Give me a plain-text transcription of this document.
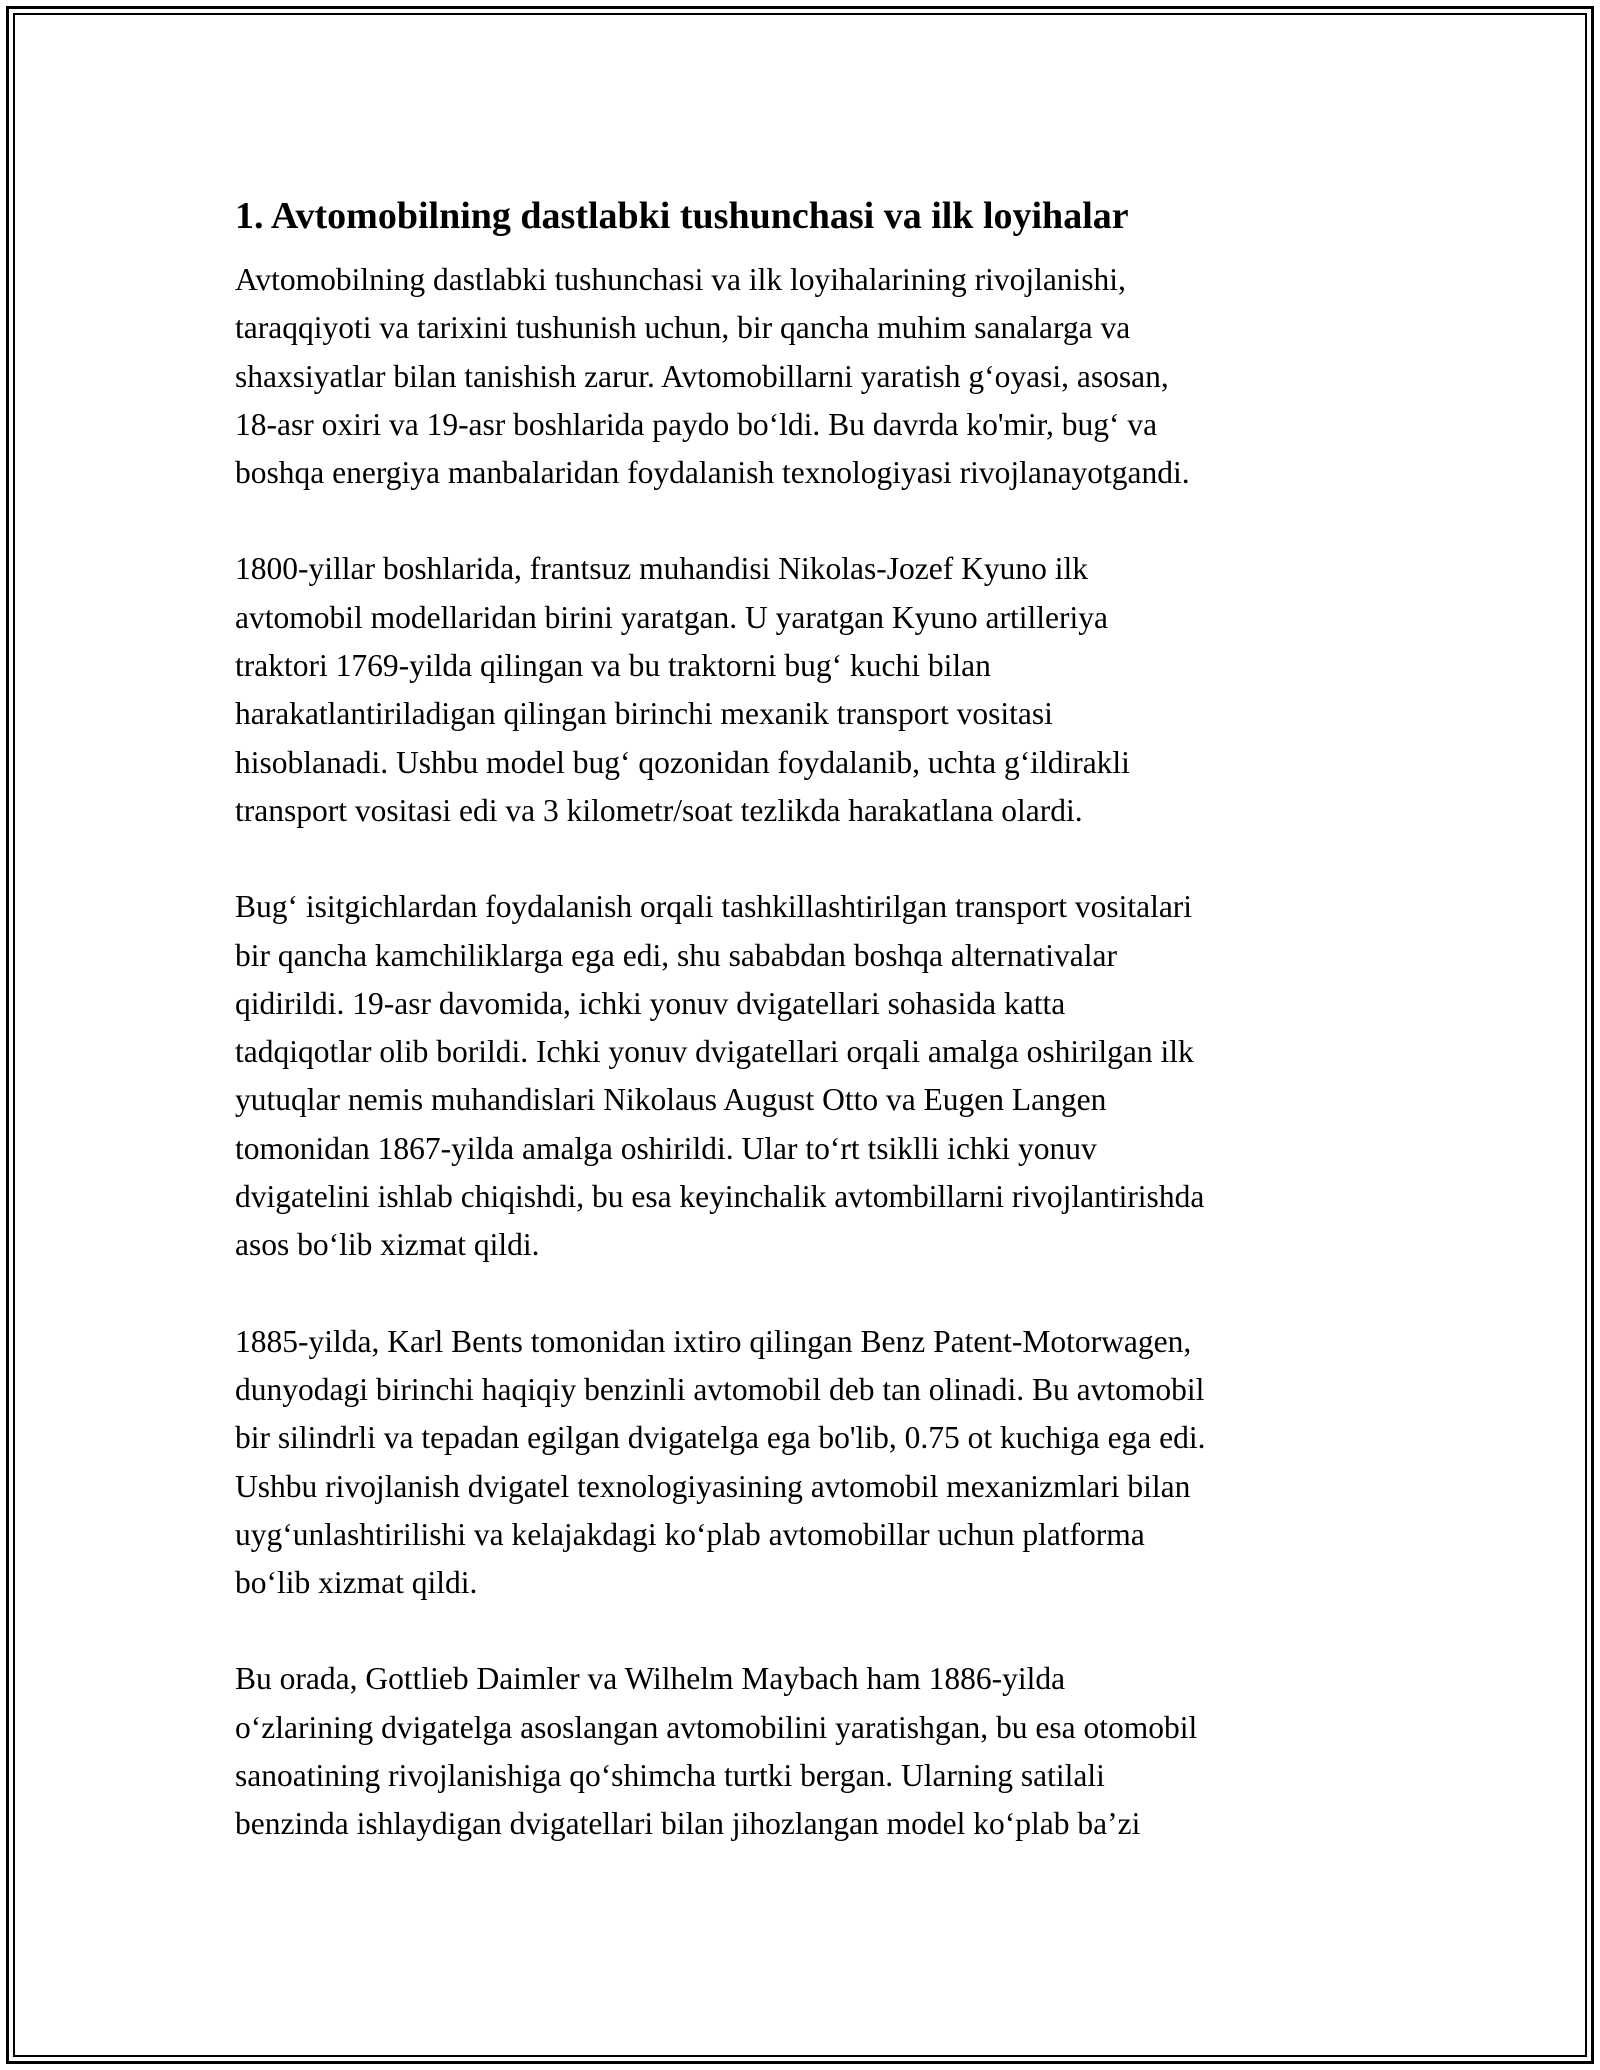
1. Avtomobilning dastlabki tushunchasi va ilk loyihalar

Avtomobilning dastlabki tushunchasi va ilk loyihalarining rivojlanishi,
taraqqiyoti va tarixini tushunish uchun, bir qancha muhim sanalarga va
shaxsiyatlar bilan tanishish zarur. Avtomobillarni yaratish g‘oyasi, asosan,
18-asr oxiri va 19-asr boshlarida paydo bo‘ldi. Bu davrda ko'mir, bug‘ va
boshqa energiya manbalaridan foydalanish texnologiyasi rivojlanayotgandi.

1800-yillar boshlarida, frantsuz muhandisi Nikolas-Jozef Kyuno ilk
avtomobil modellaridan birini yaratgan. U yaratgan Kyuno artilleriya
traktori 1769-yilda qilingan va bu traktorni bug‘ kuchi bilan
harakatlantiriladigan qilingan birinchi mexanik transport vositasi
hisoblanadi. Ushbu model bug‘ qozonidan foydalanib, uchta g‘ildirakli
transport vositasi edi va 3 kilometr/soat tezlikda harakatlana olardi.

Bug‘ isitgichlardan foydalanish orqali tashkillashtirilgan transport vositalari
bir qancha kamchiliklarga ega edi, shu sababdan boshqa alternativalar
qidirildi. 19-asr davomida, ichki yonuv dvigatellari sohasida katta
tadqiqotlar olib borildi. Ichki yonuv dvigatellari orqali amalga oshirilgan ilk
yutuqlar nemis muhandislari Nikolaus August Otto va Eugen Langen
tomonidan 1867-yilda amalga oshirildi. Ular to‘rt tsiklli ichki yonuv
dvigatelini ishlab chiqishdi, bu esa keyinchalik avtombillarni rivojlantirishda
asos bo‘lib xizmat qildi.

1885-yilda, Karl Bents tomonidan ixtiro qilingan Benz Patent-Motorwagen,
dunyodagi birinchi haqiqiy benzinli avtomobil deb tan olinadi. Bu avtomobil
bir silindrli va tepadan egilgan dvigatelga ega bo'lib, 0.75 ot kuchiga ega edi.
Ushbu rivojlanish dvigatel texnologiyasining avtomobil mexanizmlari bilan
uyg‘unlashtirilishi va kelajakdagi ko‘plab avtomobillar uchun platforma
bo‘lib xizmat qildi.

Bu orada, Gottlieb Daimler va Wilhelm Maybach ham 1886-yilda
o‘zlarining dvigatelga asoslangan avtomobilini yaratishgan, bu esa otomobil
sanoatining rivojlanishiga qo‘shimcha turtki bergan. Ularning satilali
benzinda ishlaydigan dvigatellari bilan jihozlangan model ko‘plab ba’zi
